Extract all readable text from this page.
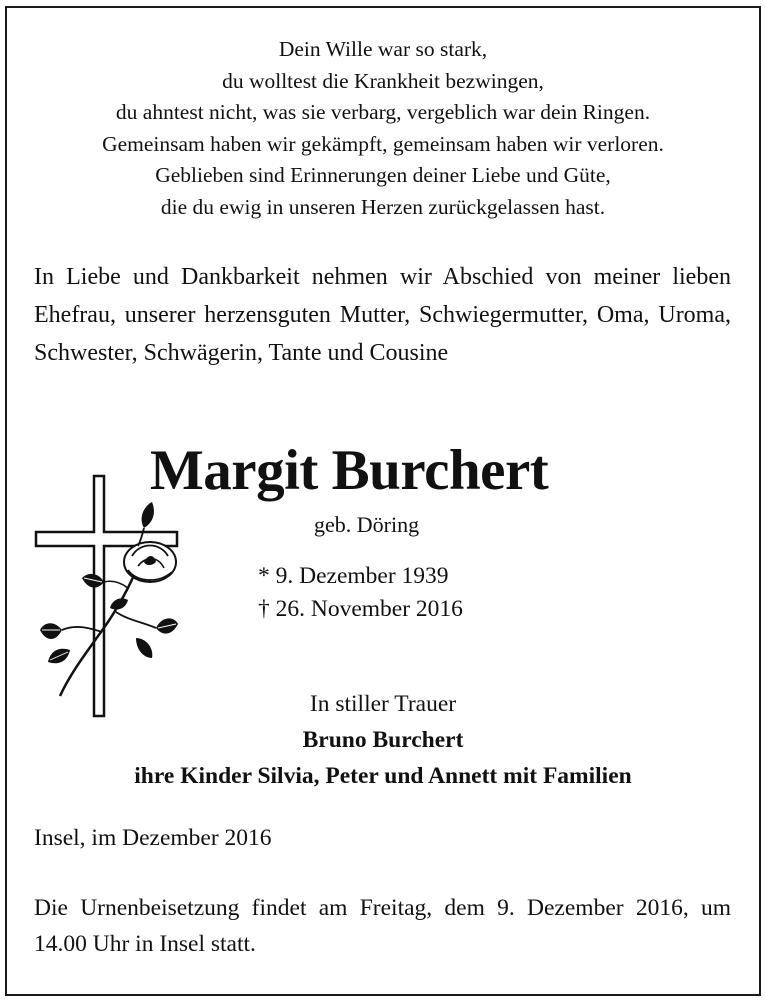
Dein Wille war so stark,
du wolltest die Krankheit bezwingen,
du ahntest nicht, was sie verbarg, vergeblich war dein Ringen.
Gemeinsam haben wir gekämpft, gemeinsam haben wir verloren.
Geblieben sind Erinnerungen deiner Liebe und Güte,
die du ewig in unseren Herzen zurückgelassen hast.
In Liebe und Dankbarkeit nehmen wir Abschied von meiner lieben Ehefrau, unserer herzensguten Mutter, Schwiegermutter, Oma, Uroma, Schwester, Schwägerin, Tante und Cousine
Margit Burchert
geb. Döring
* 9. Dezember 1939
† 26. November 2016
In stiller Trauer
Bruno Burchert
ihre Kinder Silvia, Peter und Annett mit Familien
Insel, im Dezember 2016
Die Urnenbeisetzung findet am Freitag, dem 9. Dezember 2016, um 14.00 Uhr in Insel statt.
